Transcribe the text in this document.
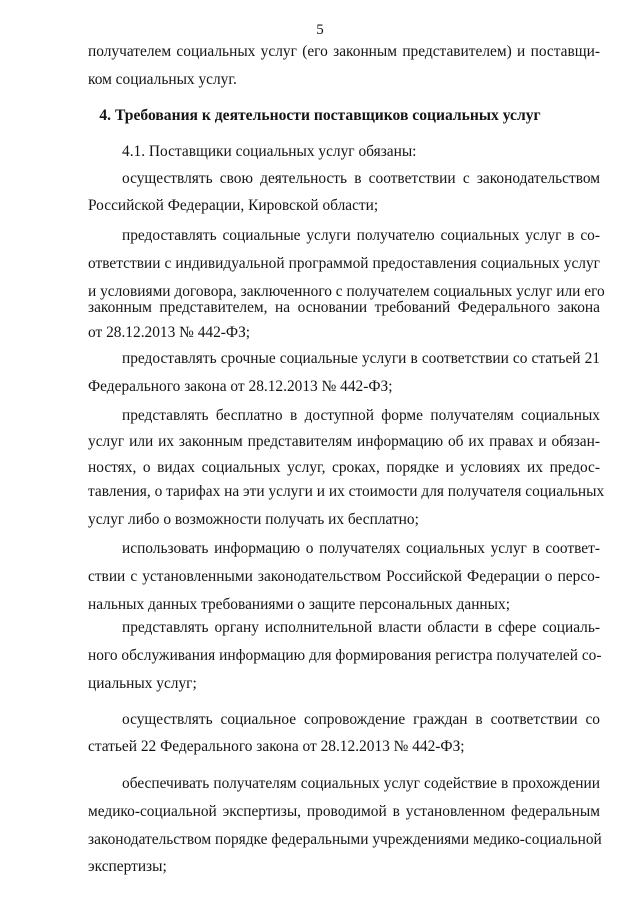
5
4. Требования к деятельности поставщиков социальных услуг
получателем социальных услуг (его законным представителем) и поставщи-
ком социальных услуг.
4.1. Поставщики социальных услуг обязаны:
осуществлять свою деятельность в соответствии с законодательством
Российской Федерации, Кировской области;
предоставлять социальные услуги получателю социальных услуг в со-
ответствии с индивидуальной программой предоставления социальных услуг
и условиями договора, заключенного с получателем социальных услуг или его
законным представителем, на основании требований Федерального закона
от 28.12.2013 № 442-ФЗ;
предоставлять срочные социальные услуги в соответствии со статьей 21
Федерального закона от 28.12.2013 № 442-ФЗ;
представлять бесплатно в доступной форме получателям социальных
услуг или их законным представителям информацию об их правах и обязан-
ностях, о видах социальных услуг, сроках, порядке и условиях их предос-
тавления, о тарифах на эти услуги и их стоимости для получателя социальных
услуг либо о возможности получать их бесплатно;
использовать информацию о получателях социальных услуг в соответ-
ствии с установленными законодательством Российской Федерации о персо-
нальных данных требованиями о защите персональных данных;
представлять органу исполнительной власти области в сфере социаль-
ного обслуживания информацию для формирования регистра получателей со-
циальных услуг;
осуществлять социальное сопровождение граждан в соответствии со
статьей 22 Федерального закона от 28.12.2013 № 442-ФЗ;
обеспечивать получателям социальных услуг содействие в прохождении
медико-социальной экспертизы, проводимой в установленном федеральным
законодательством порядке федеральными учреждениями медико-социальной
экспертизы;
